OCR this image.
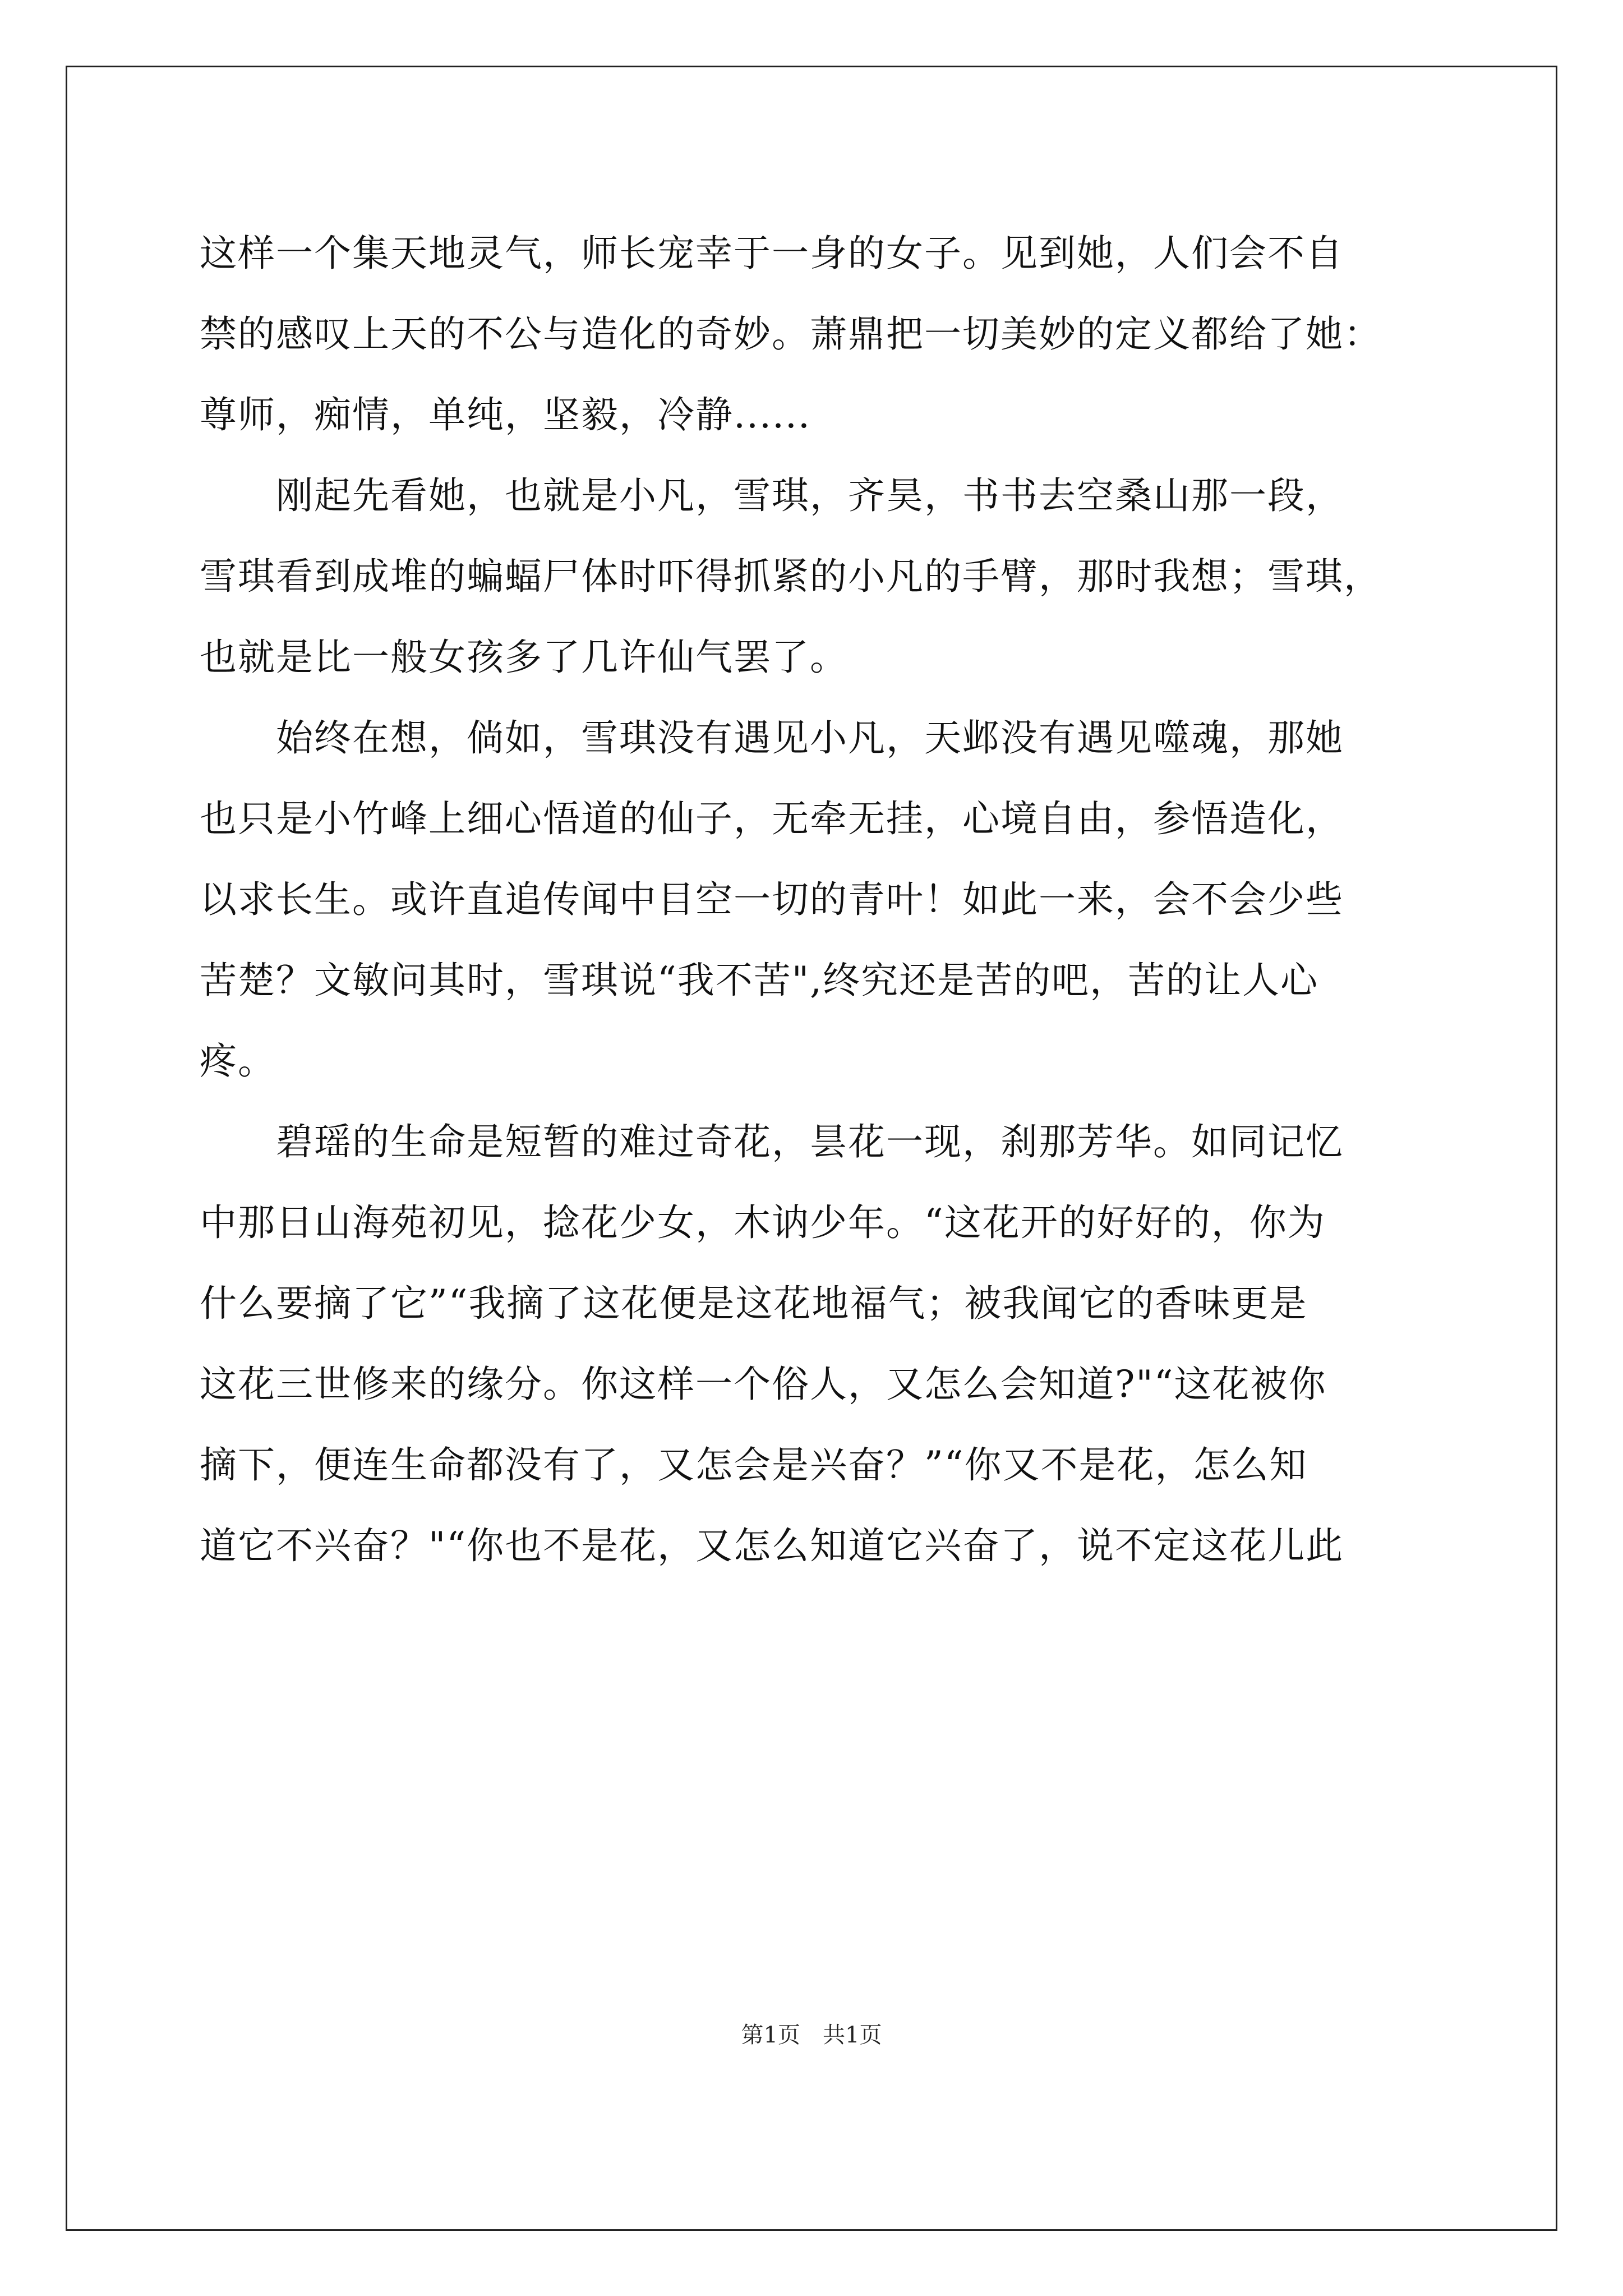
这样一个集天地灵气，师长宠幸于一身的女子。见到她，人们会不自
禁的感叹上天的不公与造化的奇妙。萧鼎把一切美妙的定义都给了她：
尊师，痴情，单纯，坚毅，冷静......
　　刚起先看她，也就是小凡，雪琪，齐昊，书书去空桑山那一段，
雪琪看到成堆的蝙蝠尸体时吓得抓紧的小凡的手臂，那时我想；雪琪，
也就是比一般女孩多了几许仙气罢了。
　　始终在想，倘如，雪琪没有遇见小凡，天邺没有遇见噬魂，那她
也只是小竹峰上细心悟道的仙子，无牵无挂，心境自由，参悟造化，
以求长生。或许直追传闻中目空一切的青叶！如此一来，会不会少些
苦楚？文敏问其时，雪琪说“我不苦",终究还是苦的吧，苦的让人心
疼。
　　碧瑶的生命是短暂的难过奇花，昙花一现，刹那芳华。如同记忆
中那日山海苑初见，捻花少女，木讷少年。“这花开的好好的，你为
什么要摘了它”“我摘了这花便是这花地福气；被我闻它的香味更是
这花三世修来的缘分。你这样一个俗人，又怎么会知道?"“这花被你
摘下，便连生命都没有了，又怎会是兴奋？”“你又不是花，怎么知
道它不兴奋？"“你也不是花，又怎么知道它兴奋了，说不定这花儿此
第1页　共1页
